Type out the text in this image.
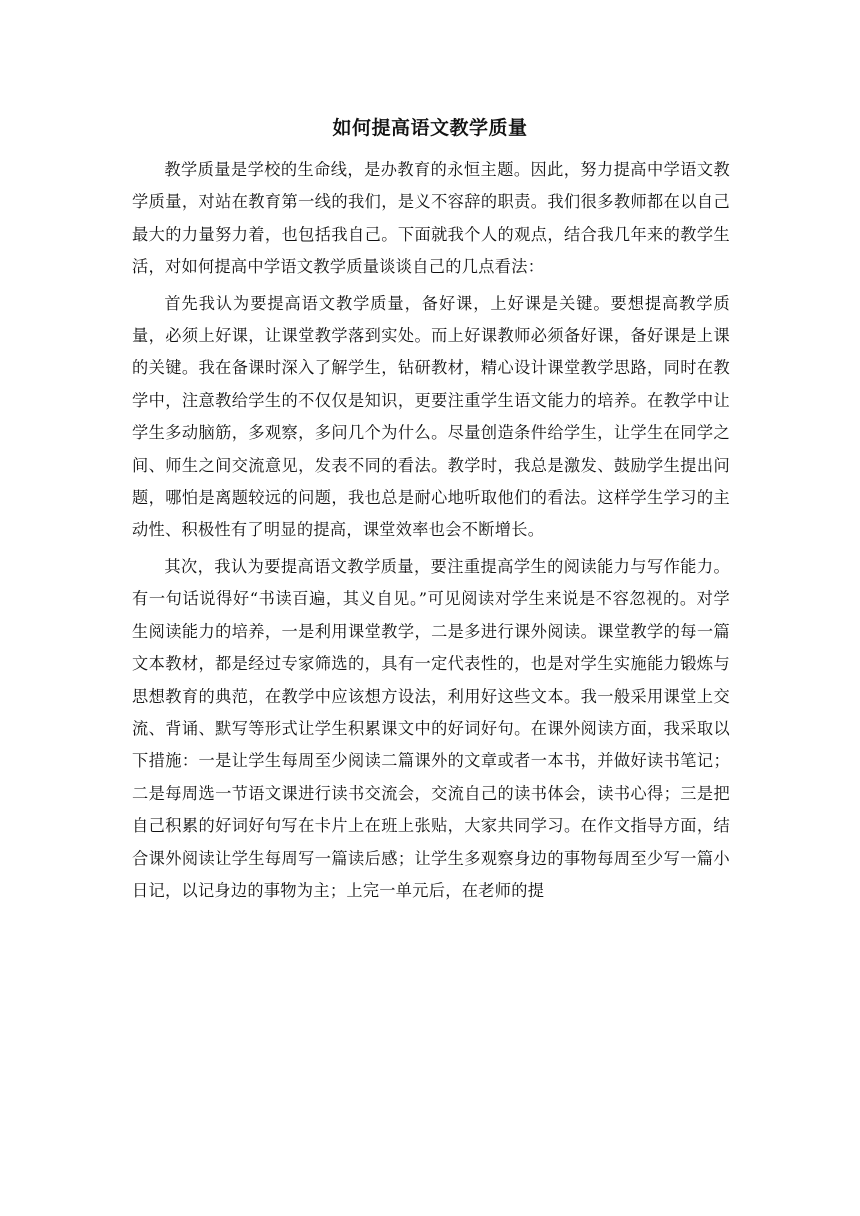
如何提高语文教学质量

教学质量是学校的生命线，是办教育的永恒主题。因此，努力提高中学语文教学质量，对站在教育第一线的我们，是义不容辞的职责。我们很多教师都在以自己最大的力量努力着，也包括我自己。下面就我个人的观点，结合我几年来的教学生活，对如何提高中学语文教学质量谈谈自己的几点看法：

首先我认为要提高语文教学质量，备好课，上好课是关键。要想提高教学质量，必须上好课，让课堂教学落到实处。而上好课教师必须备好课，备好课是上课的关键。我在备课时深入了解学生，钻研教材，精心设计课堂教学思路，同时在教学中，注意教给学生的不仅仅是知识，更要注重学生语文能力的培养。在教学中让学生多动脑筋，多观察，多问几个为什么。尽量创造条件给学生，让学生在同学之间、师生之间交流意见，发表不同的看法。教学时，我总是激发、鼓励学生提出问题，哪怕是离题较远的问题，我也总是耐心地听取他们的看法。这样学生学习的主动性、积极性有了明显的提高，课堂效率也会不断增长。

其次，我认为要提高语文教学质量，要注重提高学生的阅读能力与写作能力。有一句话说得好“书读百遍，其义自见。”可见阅读对学生来说是不容忽视的。对学生阅读能力的培养，一是利用课堂教学，二是多进行课外阅读。课堂教学的每一篇文本教材，都是经过专家筛选的，具有一定代表性的，也是对学生实施能力锻炼与思想教育的典范，在教学中应该想方设法，利用好这些文本。我一般采用课堂上交流、背诵、默写等形式让学生积累课文中的好词好句。在课外阅读方面，我采取以下措施：一是让学生每周至少阅读二篇课外的文章或者一本书，并做好读书笔记；二是每周选一节语文课进行读书交流会，交流自己的读书体会，读书心得；三是把自己积累的好词好句写在卡片上在班上张贴，大家共同学习。在作文指导方面，结合课外阅读让学生每周写一篇读后感；让学生多观察身边的事物每周至少写一篇小日记，以记身边的事物为主；上完一单元后，在老师的提
